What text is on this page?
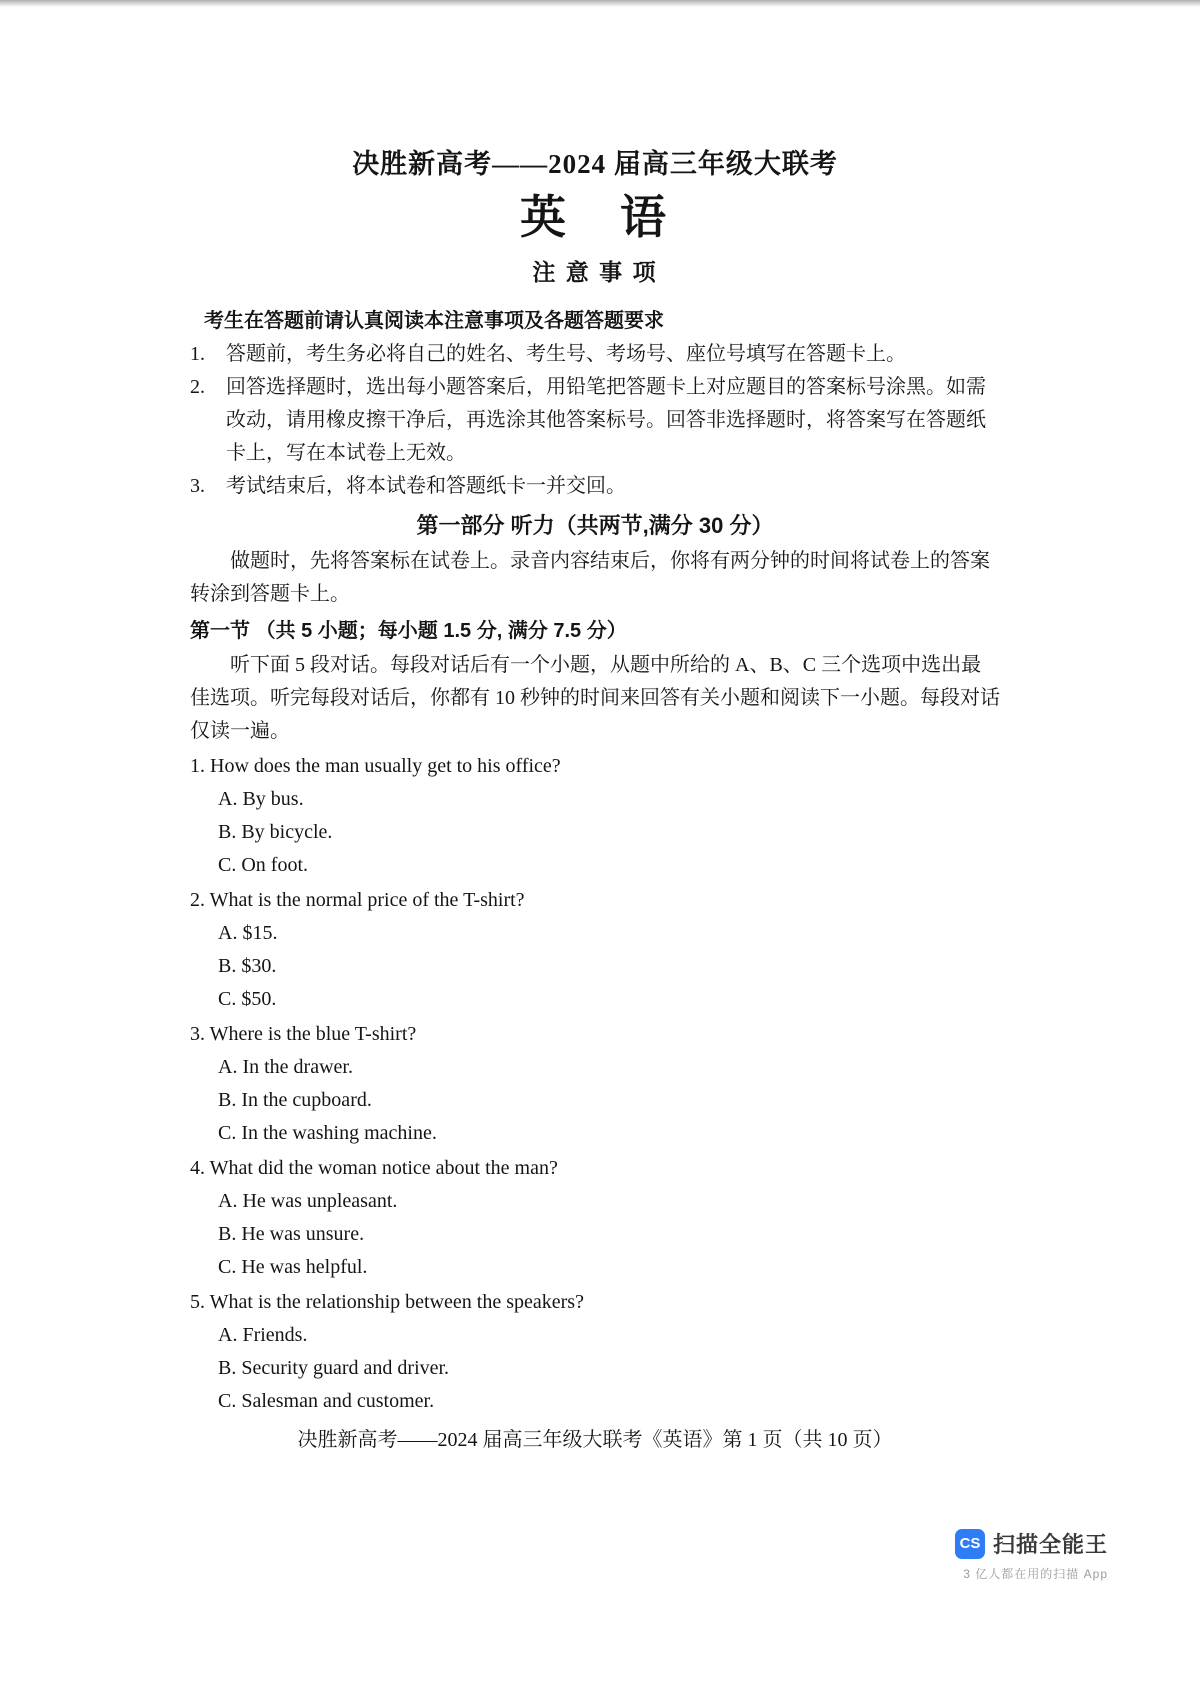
决胜新高考——2024 届高三年级大联考
英　语
注 意 事 项

考生在答题前请认真阅读本注意事项及各题答题要求

1.	答题前，考生务必将自己的姓名、考生号、考场号、座位号填写在答题卡上。
2.	回答选择题时，选出每小题答案后，用铅笔把答题卡上对应题目的答案标号涂黑。如需改动，请用橡皮擦干净后，再选涂其他答案标号。回答非选择题时，将答案写在答题纸卡上，写在本试卷上无效。
3.	考试结束后，将本试卷和答题纸卡一并交回。
第一部分 听力（共两节,满分 30 分）

做题时，先将答案标在试卷上。录音内容结束后，你将有两分钟的时间将试卷上的答案转涂到答题卡上。

第一节 （共 5 小题；每小题 1.5 分, 满分 7.5 分）

听下面 5 段对话。每段对话后有一个小题，从题中所给的 A、B、C 三个选项中选出最佳选项。听完每段对话后，你都有 10 秒钟的时间来回答有关小题和阅读下一小题。每段对话仅读一遍。

1. How does the man usually get to his office?
A. By bus.
B. By bicycle.
C. On foot.
2. What is the normal price of the T-shirt?
A. $15.
B. $30.
C. $50.
3. Where is the blue T-shirt?
A. In the drawer.
B. In the cupboard.
C. In the washing machine.
4. What did the woman notice about the man?
A. He was unpleasant.
B. He was unsure.
C. He was helpful.
5. What is the relationship between the speakers?
A. Friends.
B. Security guard and driver.
C. Salesman and customer.

决胜新高考——2024 届高三年级大联考《英语》第 1 页（共 10 页）

CS 扫描全能王
3 亿人都在用的扫描 App
